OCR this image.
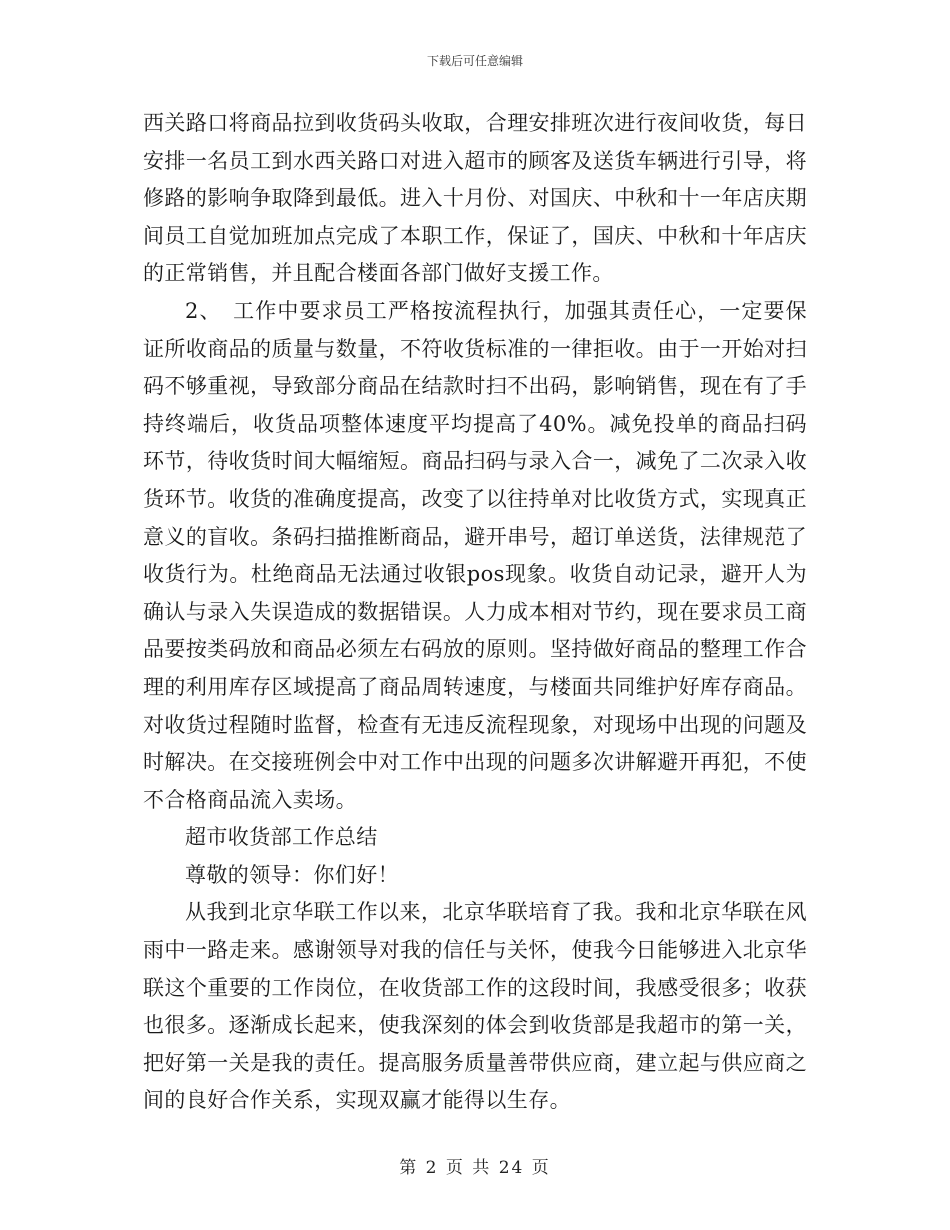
下载后可任意编辑

西关路口将商品拉到收货码头收取，合理安排班次进行夜间收货，每日安排一名员工到水西关路口对进入超市的顾客及送货车辆进行引导，将修路的影响争取降到最低。进入十月份、对国庆、中秋和十一年店庆期间员工自觉加班加点完成了本职工作，保证了，国庆、中秋和十年店庆的正常销售，并且配合楼面各部门做好支援工作。

2、　工作中要求员工严格按流程执行，加强其责任心，一定要保证所收商品的质量与数量，不符收货标准的一律拒收。由于一开始对扫码不够重视，导致部分商品在结款时扫不出码，影响销售，现在有了手持终端后，收货品项整体速度平均提高了40%。减免投单的商品扫码环节，待收货时间大幅缩短。商品扫码与录入合一，减免了二次录入收货环节。收货的准确度提高，改变了以往持单对比收货方式，实现真正意义的盲收。条码扫描推断商品，避开串号，超订单送货，法律规范了收货行为。杜绝商品无法通过收银pos现象。收货自动记录，避开人为确认与录入失误造成的数据错误。人力成本相对节约，现在要求员工商品要按类码放和商品必须左右码放的原则。坚持做好商品的整理工作合理的利用库存区域提高了商品周转速度，与楼面共同维护好库存商品。对收货过程随时监督，检查有无违反流程现象，对现场中出现的问题及时解决。在交接班例会中对工作中出现的问题多次讲解避开再犯，不使不合格商品流入卖场。

超市收货部工作总结

尊敬的领导：你们好！

从我到北京华联工作以来，北京华联培育了我。我和北京华联在风雨中一路走来。感谢领导对我的信任与关怀，使我今日能够进入北京华联这个重要的工作岗位，在收货部工作的这段时间，我感受很多；收获也很多。逐渐成长起来，使我深刻的体会到收货部是我超市的第一关，把好第一关是我的责任。提高服务质量善带供应商，建立起与供应商之间的良好合作关系，实现双赢才能得以生存。

第 2 页 共 24 页
